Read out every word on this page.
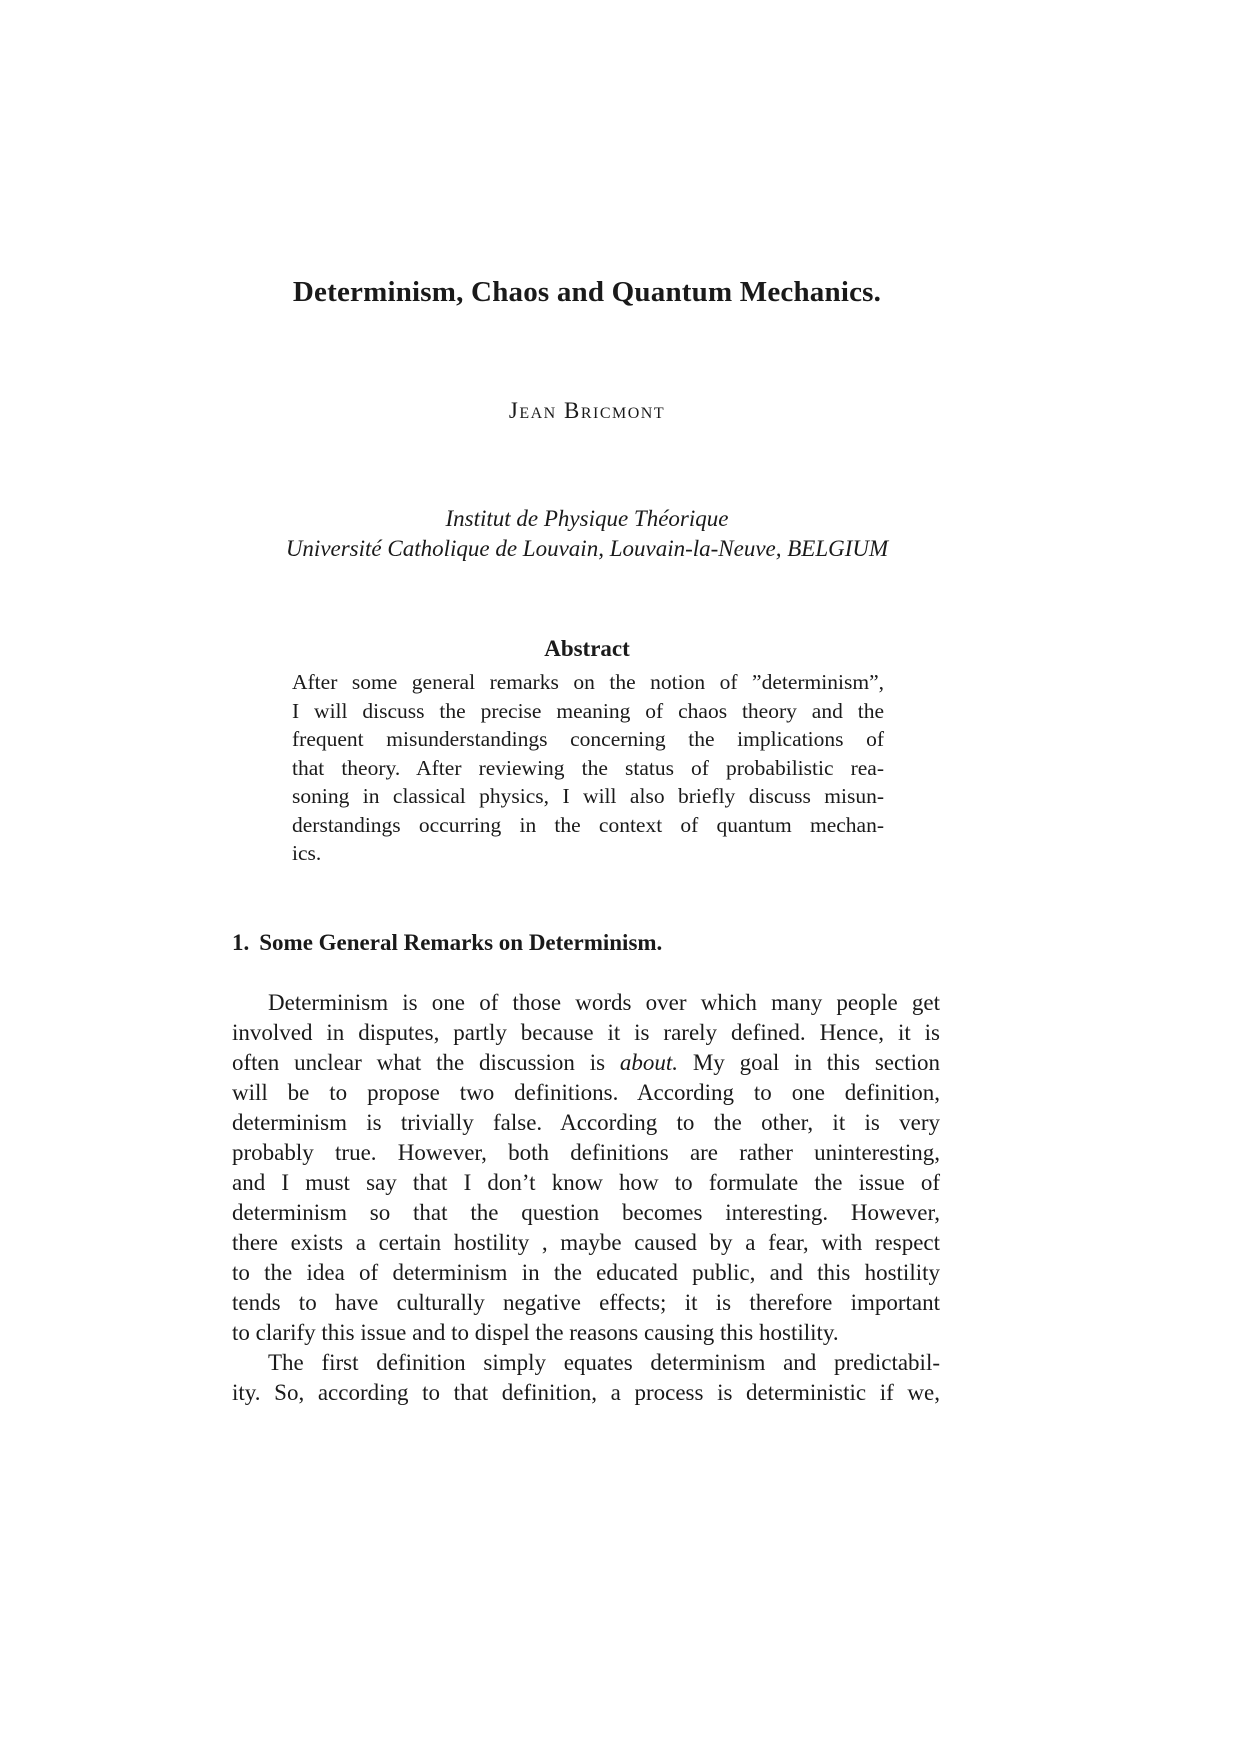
Determinism, Chaos and Quantum Mechanics.
Jean Bricmont
Institut de Physique Théorique
Université Catholique de Louvain, Louvain-la-Neuve, BELGIUM
Abstract
After some general remarks on the notion of ”determinism”,
I will discuss the precise meaning of chaos theory and the
frequent misunderstandings concerning the implications of
that theory. After reviewing the status of probabilistic rea-
soning in classical physics, I will also briefly discuss misun-
derstandings occurring in the context of quantum mechan-
ics.
1. Some General Remarks on Determinism.
Determinism is one of those words over which many people get
involved in disputes, partly because it is rarely defined. Hence, it is
often unclear what the discussion is about. My goal in this section
will be to propose two definitions. According to one definition,
determinism is trivially false. According to the other, it is very
probably true. However, both definitions are rather uninteresting,
and I must say that I don’t know how to formulate the issue of
determinism so that the question becomes interesting. However,
there exists a certain hostility , maybe caused by a fear, with respect
to the idea of determinism in the educated public, and this hostility
tends to have culturally negative effects; it is therefore important
to clarify this issue and to dispel the reasons causing this hostility.
The first definition simply equates determinism and predictabil-
ity. So, according to that definition, a process is deterministic if we,
